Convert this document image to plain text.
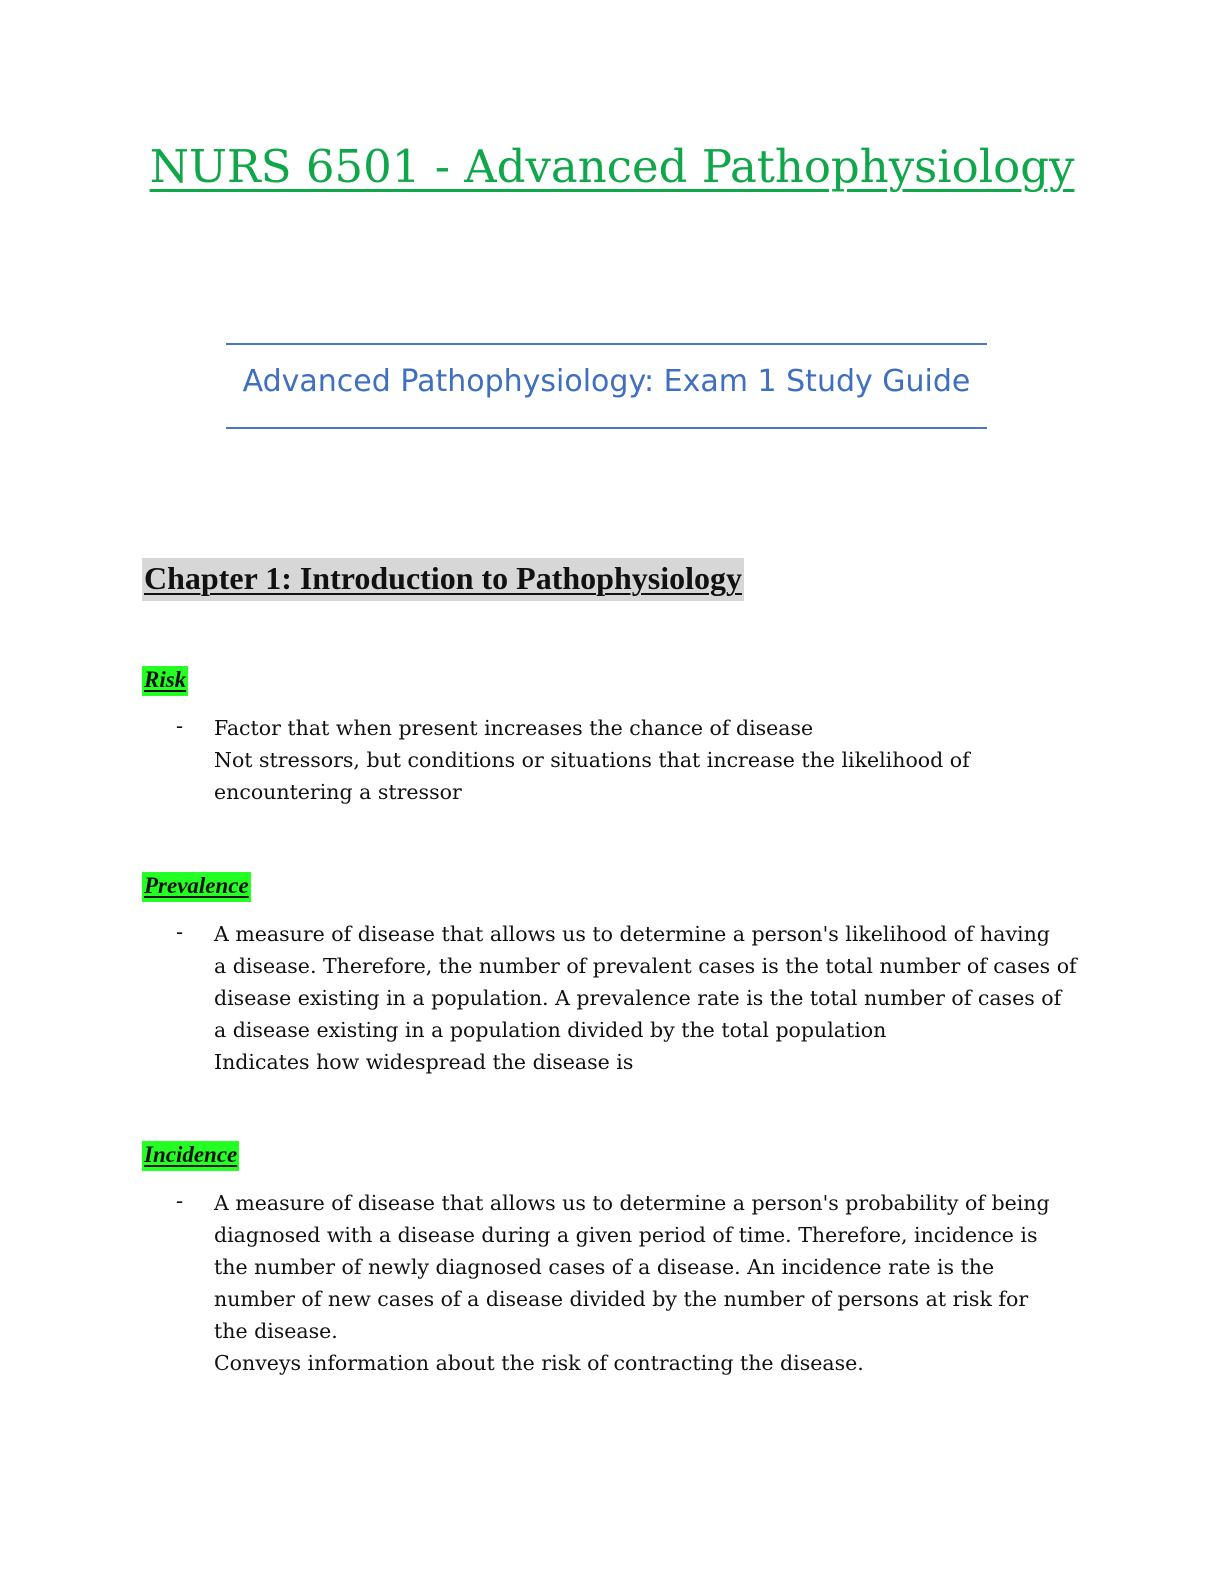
NURS 6501 - Advanced Pathophysiology
Advanced Pathophysiology: Exam 1 Study Guide
Chapter 1: Introduction to Pathophysiology
Risk
- Factor that when present increases the chance of disease
Not stressors, but conditions or situations that increase the likelihood of
encountering a stressor
Prevalence
- A measure of disease that allows us to determine a person's likelihood of having
a disease. Therefore, the number of prevalent cases is the total number of cases of
disease existing in a population. A prevalence rate is the total number of cases of
a disease existing in a population divided by the total population
Indicates how widespread the disease is
Incidence
- A measure of disease that allows us to determine a person's probability of being
diagnosed with a disease during a given period of time. Therefore, incidence is
the number of newly diagnosed cases of a disease. An incidence rate is the
number of new cases of a disease divided by the number of persons at risk for
the disease.
Conveys information about the risk of contracting the disease.
